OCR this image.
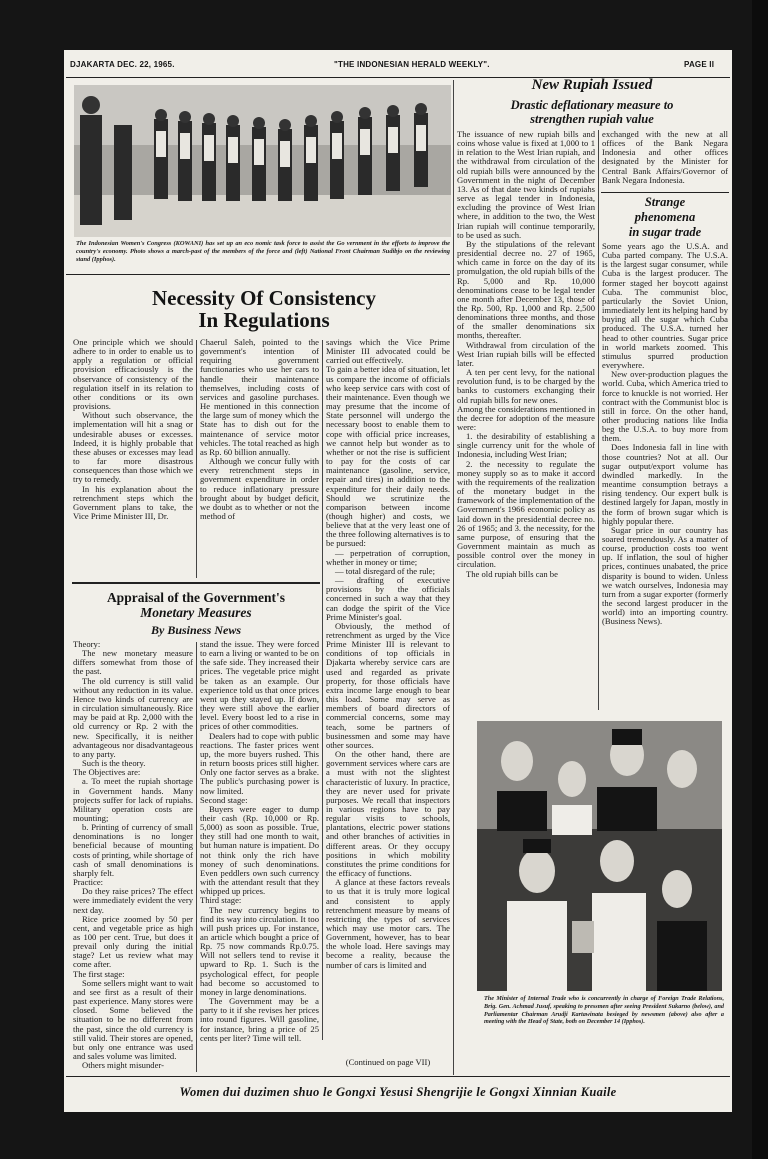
DJAKARTA DEC. 22, 1965.	"THE INDONESIAN HERALD WEEKLY".	PAGE II
The Indonesian Women's Congress (KOWANI) has set up an eco nomic task force to assist the Go vernment in the efforts to improve the country's economy. Photo shows a march-past of the members of the force and (left) National Front Chairman Sudibjo on the reviewing stand (Ipphos).
Necessity Of Consistency
In Regulations

One principle which we should adhere to in order to enable us to apply a regulation or official provision efficaciously is the observance of consistency of the regulation itself in its relation to other conditions or its own provisions.

Without such observance, the implementation will hit a snag or undesirable abuses or excesses. Indeed, it is highly probable that these abuses or excesses may lead to far more disastrous consequences than those which we try to remedy.

In his explanation about the retrenchment steps which the Government plans to take, the Vice Prime Minister III, Dr.

Chaerul Saleh, pointed to the government's intention of requiring government functionaries who use her cars to handle their maintenance themselves, including costs of services and gasoline purchases. He mentioned in this connection the large sum of money which the State has to dish out for the maintenance of service motor vehicles. The total reached as high as Rp. 60 billion annually.

Although we concur fully with every retrenchment steps in government expenditure in order to reduce inflationary pressure brought about by budget deficit, we doubt as to whether or not the method of

savings which the Vice Prime Minister III advocated could be carried out effectively.

To gain a better idea of situation, let us compare the income of officials who keep service cars with cost of their maintenance. Even though we may presume that the income of State personnel will undergo the necessary boost to enable them to cope with official price increases, we cannot help but wonder as to whether or not the rise is sufficient to pay for the costs of car maintenance (gasoline, service, repair and tires) in addition to the expenditure for their daily needs. Should we scrutinize the comparison between income (though higher) and costs, we believe that at the very least one of the three following alternatives is to be pursued:

— perpetration of corruption, whether in money or time;

— total disregard of the rule;

— drafting of executive provisions by the officials concerned in such a way that they can dodge the spirit of the Vice Prime Minister's goal.

Obviously, the method of retrenchment as urged by the Vice Prime Minister III is relevant to conditions of top officials in Djakarta whereby service cars are used and regarded as private property, for those officials have extra income large enough to bear this load. Some may serve as members of board directors of commercial concerns, some may teach, some be partners of businessmen and some may have other sources.

On the other hand, there are government services where cars are a must with not the slightest characteristic of luxury. In practice, they are never used for private purposes. We recall that inspectors in various regions have to pay regular visits to schools, plantations, electric power stations and other branches of activities in different areas. Or they occupy positions in which mobility constitutes the prime conditions for the efficacy of functions.

A glance at these factors reveals to us that it is truly more logical and consistent to apply retrenchment measure by means of restricting the types of services which may use motor cars. The Government, however, has to bear the whole load. Here savings may become a reality, because the number of cars is limited and

(Continued on page VII)
Appraisal of the Government's
Monetary Measures
By Business News

Theory:

The new monetary measure differs somewhat from those of the past.

The old currency is still valid without any reduction in its value. Hence two kinds of currency are in circulation simultaneously. Rice may be paid at Rp. 2,000 with the old currency or Rp. 2 with the new. Specifically, it is neither advantageous nor disadvantageous to any party.

Such is the theory.

The Objectives are:

a. To meet the rupiah shortage in Government hands. Many projects suffer for lack of rupiahs. Military operation costs are mounting;

b. Printing of currency of small denominations is no longer beneficial because of mounting costs of printing, while shortage of cash of small denominations is sharply felt.

Practice:

Do they raise prices? The effect were immediately evident the very next day.

Rice price zoomed by 50 per cent, and vegetable price as high as 100 per cent. True, but does it prevail only during the initial stage? Let us review what may come after.

The first stage:

Some sellers might want to wait and see first as a result of their past experience. Many stores were closed. Some believed the situation to be no different from the past, since the old currency is still valid. Their stores are opened, but only one entrance was used and sales volume was limited.

Others might misunder-

stand the issue. They were forced to earn a living or wanted to be on the safe side. They increased their prices. The vegetable price might be taken as an example. Our experience told us that once prices went up they stayed up. If down, they were still above the earlier level. Every boost led to a rise in prices of other commodities.

Dealers had to cope with public reactions. The faster prices went up, the more buyers rushed. This in return boosts prices still higher. Only one factor serves as a brake. The public's purchasing power is now limited.

Second stage:

Buyers were eager to dump their cash (Rp. 10,000 or Rp. 5,000) as soon as possible. True, they still had one month to wait, but human nature is impatient. Do not think only the rich have money of such denominations. Even peddlers own such currency with the attendant result that they whipped up prices.

Third stage:

The new currency begins to find its way into circulation. It too will push prices up. For instance, an article which bought a price of Rp. 75 now commands Rp.0.75. Will not sellers tend to revise it upward to Rp. 1. Such is the psychological effect, for people had become so accustomed to money in large denominations.

The Government may be a party to it if she revises her prices into round figures. Will gasoline, for instance, bring a price of 25 cents per liter? Time will tell.

New Rupiah Issued
Drastic deflationary measure to
strengthen rupiah value

The issuance of new rupiah bills and coins whose value is fixed at 1,000 to 1 in relation to the West Irian rupiah, and the withdrawal from circulation of the old rupiah bills were announced by the Government in the night of December 13. As of that date two kinds of rupiahs serve as legal tender in Indonesia, excluding the province of West Irian where, in addition to the two, the West Irian rupiah will continue temporarily, to be used as such.

By the stipulations of the relevant presidential decree no. 27 of 1965, which came in force on the day of its promulgation, the old rupiah bills of the Rp. 5,000 and Rp. 10,000 denominations cease to be legal tender one month after December 13, those of the Rp. 500, Rp. 1,000 and Rp. 2,500 denominations three months, and those of the smaller denominations six months, thereafter.

Withdrawal from circulation of the West Irian rupiah bills will be effected later.

A ten per cent levy, for the national revolution fund, is to be charged by the banks to customers exchanging their old rupiah bills for new ones.

Among the considerations mentioned in the decree for adoption of the measure were:

1. the desirability of establishing a single currency unit for the whole of Indonesia, including West Irian;

2. the necessity to regulate the money supply so as to make it accord with the requirements of the realization of the monetary budget in the framework of the implementation of the Government's 1966 economic policy as laid down in the presidential decree no. 26 of 1965; and 3. the necessity, for the same purpose, of ensuring that the Government maintain as much as possible control over the money in circulation.

The old rupiah bills can be

exchanged with the new at all offices of the Bank Negara Indonesia and other offices designated by the Minister for Central Bank Affairs/Governor of Bank Negara Indonesia.

Strange
phenomena
in sugar trade

Some years ago the U.S.A. and Cuba parted company. The U.S.A. is the largest sugar consumer, while Cuba is the largest producer. The former staged her boycott against Cuba. The communist bloc, particularly the Soviet Union, immediately lent its helping hand by buying all the sugar which Cuba produced. The U.S.A. turned her head to other countries. Sugar price in world markets zoomed. This stimulus spurred production everywhere.

New over-production plagues the world. Cuba, which America tried to force to knuckle is not worried. Her contract with the Communist bloc is still in force. On the other hand, other producing nations like India beg the U.S.A. to buy more from them.

Does Indonesia fall in line with those countries? Not at all. Our sugar output/export volume has dwindled markedly. In the meantime consumption betrays a rising tendency. Our expert bulk is destined largely for Japan, mostly in the form of brown sugar which is highly popular there.

Sugar price in our country has soared tremendously. As a matter of course, production costs too went up. If inflation, the soul of higher prices, continues unabated, the price disparity is bound to widen. Unless we watch ourselves, Indonesia may turn from a sugar exporter (formerly the second largest producer in the world) into an importing country. (Business News).

The Minister of Internal Trade who is concurrently in charge of Foreign Trade Relations, Brig. Gen. Achmad Jusuf, speaking to pressmen after seeing President Sukarno (below), and Parliamentar Chairman Arudji Kartawinata besieged by newsmen (above) also after a meeting with the Head of State, both on December 14 (Ipphos).
Women dui duzimen shuo le Gongxi Yesusi Shengrijie le Gongxi Xinnian Kuaile
